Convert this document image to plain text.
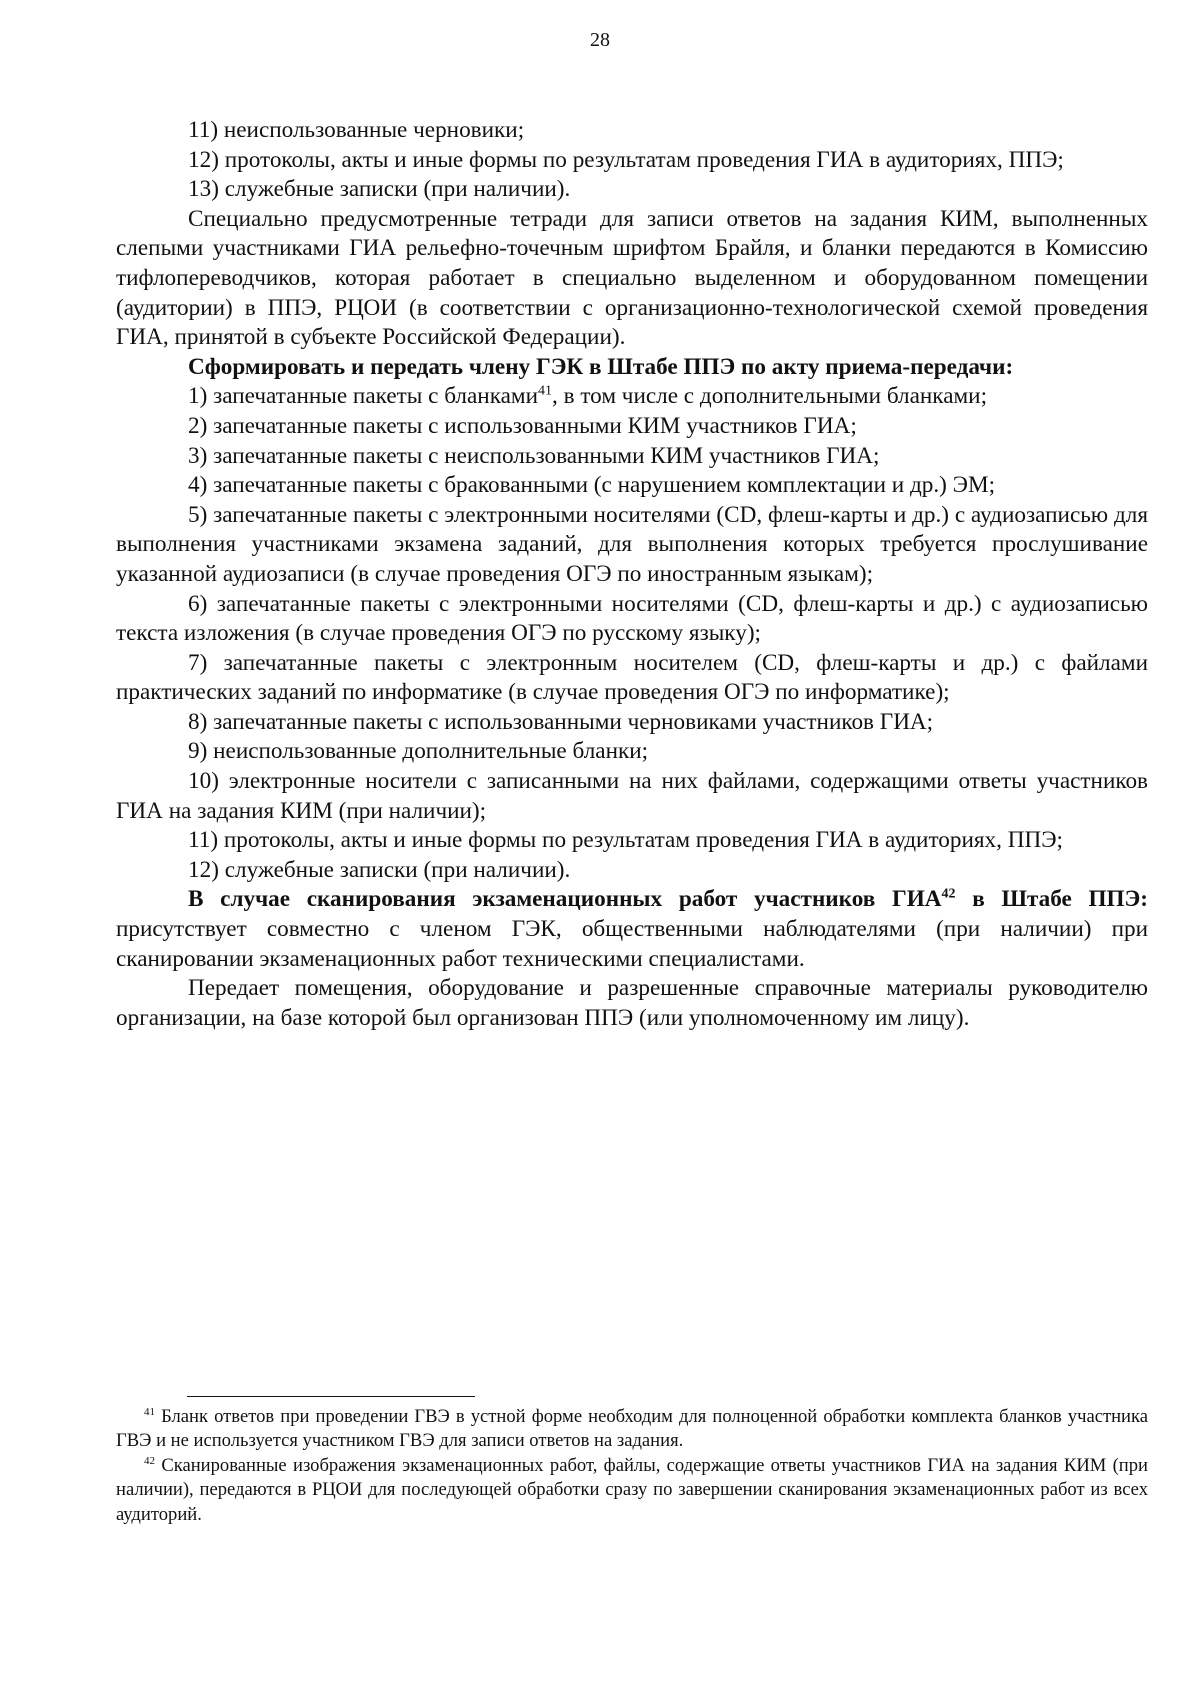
28

11) неиспользованные черновики;

12) протоколы, акты и иные формы по результатам проведения ГИА в аудиториях, ППЭ;

13) служебные записки (при наличии).

Специально предусмотренные тетради для записи ответов на задания КИМ, выполненных слепыми участниками ГИА рельефно-точечным шрифтом Брайля, и бланки передаются в Комиссию тифлопереводчиков, которая работает в специально выделенном и оборудованном помещении (аудитории) в ППЭ, РЦОИ (в соответствии с организационно-технологической схемой проведения ГИА, принятой в субъекте Российской Федерации).

Сформировать и передать члену ГЭК в Штабе ППЭ по акту приема-передачи:

1) запечатанные пакеты с бланками$^{41}$, в том числе с дополнительными бланками;

2) запечатанные пакеты с использованными КИМ участников ГИА;

3) запечатанные пакеты с неиспользованными КИМ участников ГИА;

4) запечатанные пакеты с бракованными (с нарушением комплектации и др.) ЭМ;

5) запечатанные пакеты с электронными носителями (CD, флеш-карты и др.) с аудиозаписью для выполнения участниками экзамена заданий, для выполнения которых требуется прослушивание указанной аудиозаписи (в случае проведения ОГЭ по иностранным языкам);

6) запечатанные пакеты с электронными носителями (CD, флеш-карты и др.) с аудиозаписью текста изложения (в случае проведения ОГЭ по русскому языку);

7) запечатанные пакеты с электронным носителем (CD, флеш-карты и др.) с файлами практических заданий по информатике (в случае проведения ОГЭ по информатике);

8) запечатанные пакеты с использованными черновиками участников ГИА;

9) неиспользованные дополнительные бланки;

10) электронные носители с записанными на них файлами, содержащими ответы участников ГИА на задания КИМ (при наличии);

11) протоколы, акты и иные формы по результатам проведения ГИА в аудиториях, ППЭ;

12) служебные записки (при наличии).

В случае сканирования экзаменационных работ участников ГИА$^{42}$ в Штабе ППЭ: присутствует совместно с членом ГЭК, общественными наблюдателями (при наличии) при сканировании экзаменационных работ техническими специалистами.

Передает помещения, оборудование и разрешенные справочные материалы руководителю организации, на базе которой был организован ППЭ (или уполномоченному им лицу).

$^{41}$ Бланк ответов при проведении ГВЭ в устной форме необходим для полноценной обработки комплекта бланков участника ГВЭ и не используется участником ГВЭ для записи ответов на задания.

$^{42}$ Сканированные изображения экзаменационных работ, файлы, содержащие ответы участников ГИА на задания КИМ (при наличии), передаются в РЦОИ для последующей обработки сразу по завершении сканирования экзаменационных работ из всех аудиторий.
